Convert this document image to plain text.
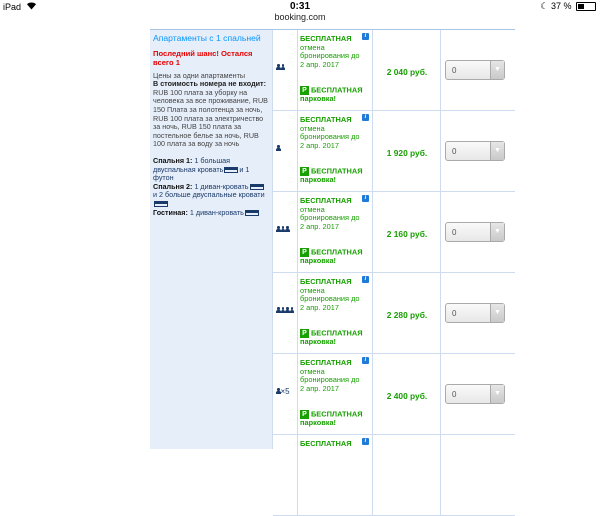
iPad	0:31	☾ 37 %
booking.com
Апартаменты с 1 спальней
Последний шанс! Остался всего 1
Цены за одни апартаменты
В стоимость номера не входит: RUB 100 плата за уборку на человека за все проживание, RUB 150 Плата за полотенца за ночь, RUB 100 плата за электричество за ночь, RUB 150 плата за постельное белье за ночь, RUB 100 плата за воду за ночь
Спальня 1: 1 большая двуспальная кровать и 1 футон
Спальня 2: 1 диван-кровать и 2 больше двуспальные кровати
Гостиная: 1 диван-кровать
i
БЕСПЛАТНАЯ
отмена бронирования до 2 апр. 2017
P БЕСПЛАТНАЯ парковка!
2 040 руб.	0	▼
i
БЕСПЛАТНАЯ
отмена бронирования до 2 апр. 2017
P БЕСПЛАТНАЯ парковка!
1 920 руб.	0	▼
i
БЕСПЛАТНАЯ
отмена бронирования до 2 апр. 2017
P БЕСПЛАТНАЯ парковка!
2 160 руб.	0	▼
i
БЕСПЛАТНАЯ
отмена бронирования до 2 апр. 2017
P БЕСПЛАТНАЯ парковка!
2 280 руб.	0	▼
×5
i
БЕСПЛАТНАЯ
отмена бронирования до 2 апр. 2017
P БЕСПЛАТНАЯ парковка!
2 400 руб.	0	▼
i
БЕСПЛАТНАЯ
